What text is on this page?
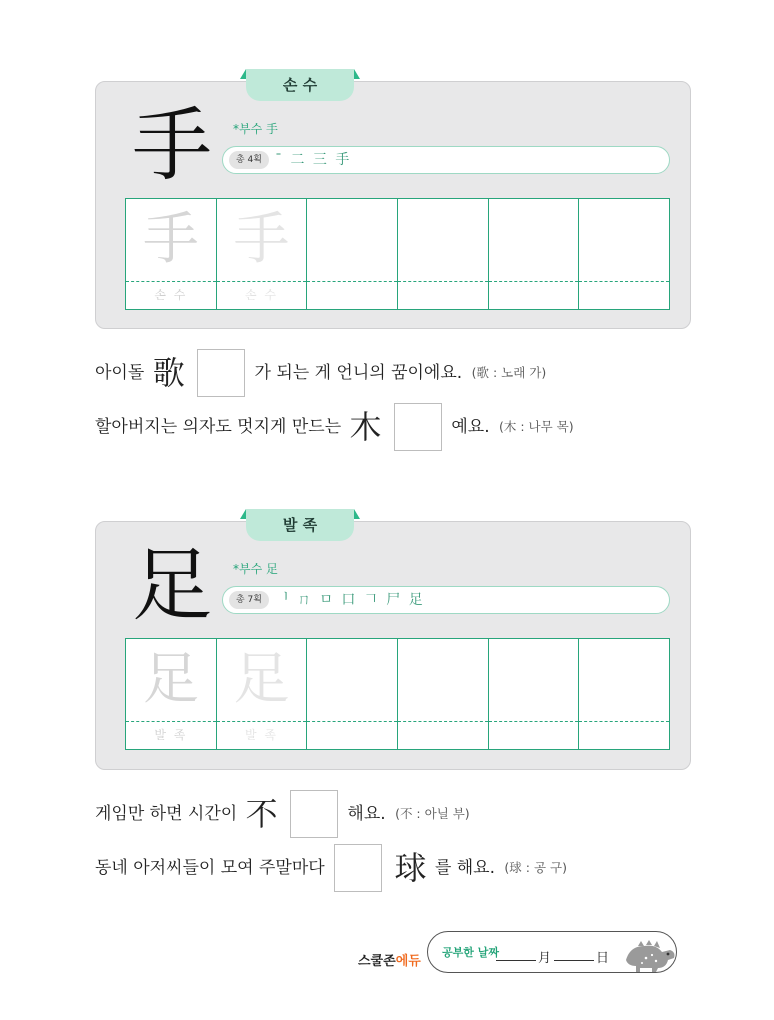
손 수
手 *부수 手
총 4획 ˉ ⼆ 三 手
手
손 수
手
손 수
아이돌 歌	가 되는 게 언니의 꿈이에요. (歌 : 노래 가)
할아버지는 의자도 멋지게 만드는 木	예요. (木 : 나무 목)
발 족
足 *부수 足
총 7획 ᅵ ㄇ ㅁ 口 𠃍 尸 足
足
발 족
足
발 족
게임만 하면 시간이 不	해요. (不 : 아닐 부)
동네 아저씨들이 모여 주말마다 球 를 해요. (球 : 공 구)
스쿨존에듀
공부한 날짜	月	日
